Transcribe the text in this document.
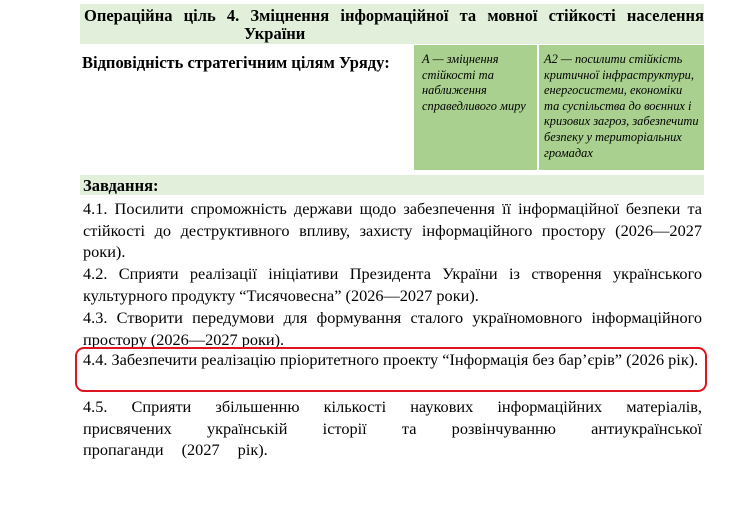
Операційна ціль 4. Зміцнення інформаційної та мовної стійкості населення
України
Відповідність стратегічним цілям Уряду:	А — зміцнення стійкості та наближення справедливого миру
А2 — посилити стійкість критичної інфраструктури, енергосистеми, економіки та суспільства до воєнних і кризових загроз, забезпечити безпеку у територіальних громадах
Завдання:
4.1. Посилити спроможність держави щодо забезпечення її інформаційної безпеки та стійкості до деструктивного впливу, захисту інформаційного простору (2026—2027 роки).
4.2. Сприяти реалізації ініціативи Президента України із створення українського культурного продукту “Тисячовесна” (2026—2027 роки).
4.3. Створити передумови для формування сталого україномовного інформаційного простору (2026—2027 роки).
4.4. Забезпечити реалізацію пріоритетного проекту “Інформація без бар’єрів” (2026 рік).
4.5. Сприяти збільшенню кількості наукових інформаційних матеріалів, присвячених українській історії та розвінчуванню антиукраїнської пропаганди (2027 рік).
